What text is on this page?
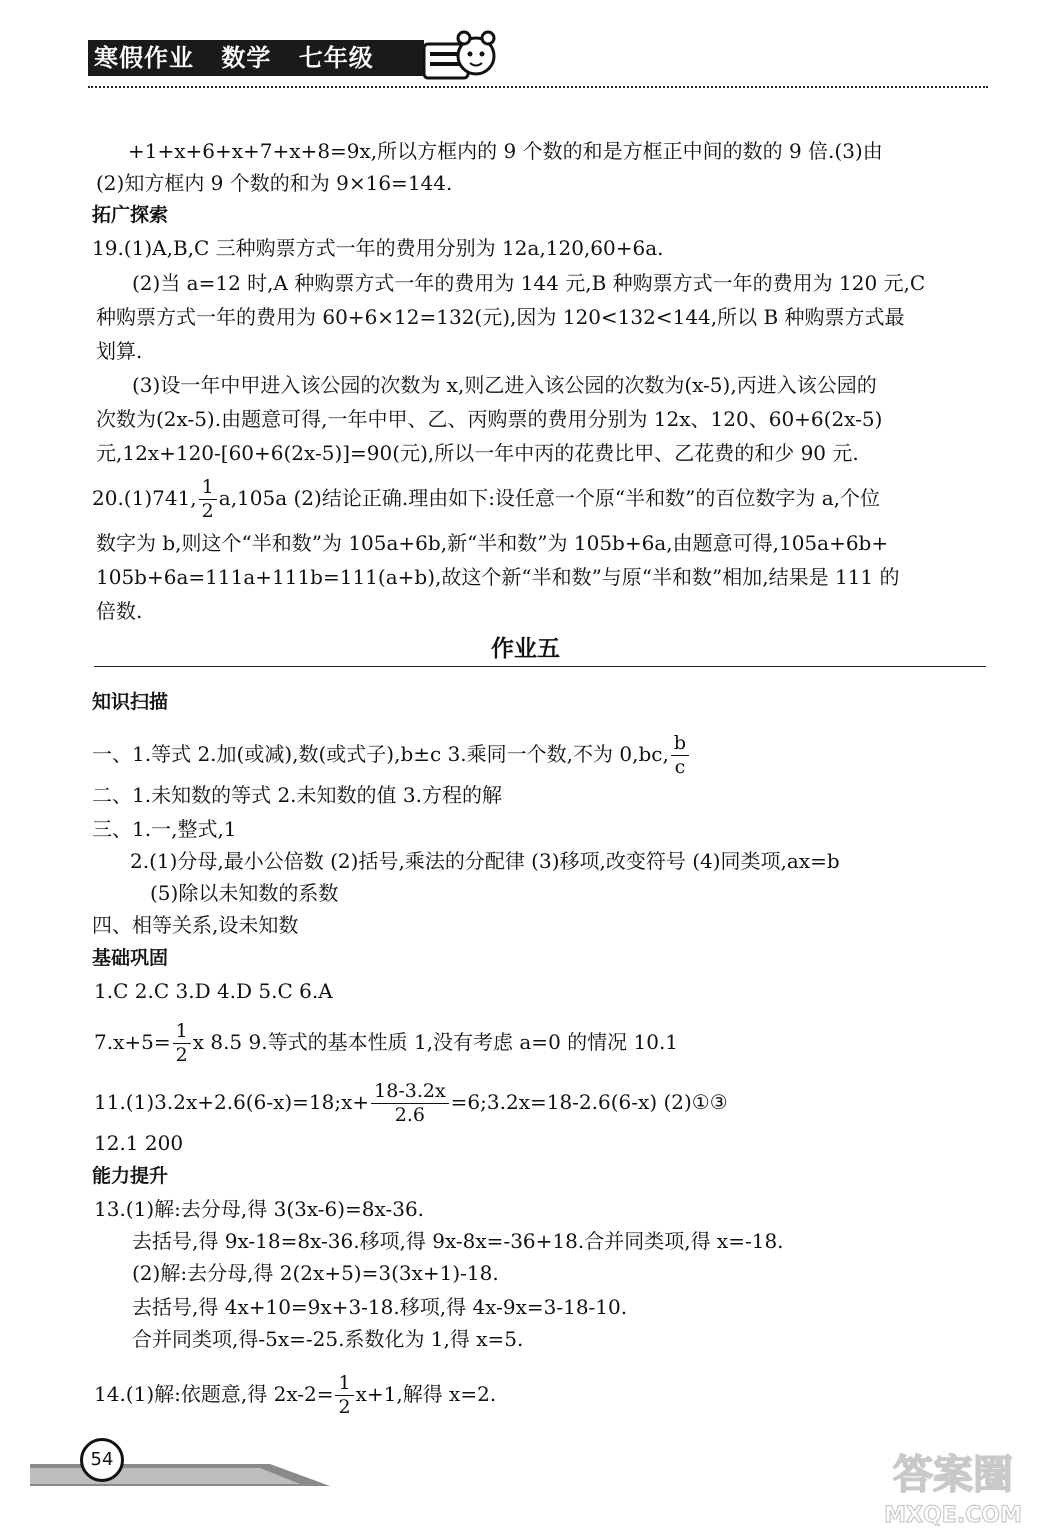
寒假作业 数学 七年级
+1+x+6+x+7+x+8=9x,所以方框内的 9 个数的和是方框正中间的数的 9 倍.(3)由
(2)知方框内 9 个数的和为 9×16=144.
拓广探索
19.(1)A,B,C 三种购票方式一年的费用分别为 12a,120,60+6a.
(2)当 a=12 时,A 种购票方式一年的费用为 144 元,B 种购票方式一年的费用为 120 元,C
种购票方式一年的费用为 60+6×12=132(元),因为 120<132<144,所以 B 种购票方式最
划算.
(3)设一年中甲进入该公园的次数为 x,则乙进入该公园的次数为(x-5),丙进入该公园的
次数为(2x-5).由题意可得,一年中甲、乙、丙购票的费用分别为 12x、120、60+6(2x-5)
元,12x+120-[60+6(2x-5)]=90(元),所以一年中丙的花费比甲、乙花费的和少 90 元.
20.(1)741, $\frac{1}{2} a,105a$ (2)结论正确.理由如下:设任意一个原“半和数”的百位数字为 a,个位
数字为 b,则这个“半和数”为 105a+6b,新“半和数”为 105b+6a,由题意可得,105a+6b+
105b+6a=111a+111b=111(a+b),故这个新“半和数”与原“半和数”相加,结果是 111 的
倍数.
作业五
知识扫描
一、1.等式 2.加(或减),数(或式子),b±c 3.乘同一个数,不为 0,bc, $\frac{b}{c}$
二、1.未知数的等式 2.未知数的值 3.方程的解
三、1.一,整式,1
2.(1)分母,最小公倍数 (2)括号,乘法的分配律 (3)移项,改变符号 (4)同类项,ax=b
(5)除以未知数的系数
四、相等关系,设未知数
基础巩固
1.C 2.C 3.D 4.D 5.C 6.A
$7.x+5= \frac{1}{2}$ x 8.5 9.等式的基本性质 1,没有考虑 a=0 的情况 10.1
11.(1)3.2x+2.6(6-x)=18;x+ $\frac{18-3.2x}{2.6}$ =6;3.2x=18-2.6(6-x) (2)①③
12.1 200
能力提升
13.(1)解:去分母,得 3(3x-6)=8x-36.
去括号,得 9x-18=8x-36.移项,得 9x-8x=-36+18.合并同类项,得 x=-18.
(2)解:去分母,得 2(2x+5)=3(3x+1)-18.
去括号,得 4x+10=9x+3-18.移项,得 4x-9x=3-18-10.
合并同类项,得-5x=-25.系数化为 1,得 x=5.
14.(1)解:依题意,得 $2x-2= \frac{1}{2} x+1$,解得 x=2.
54	答案圈
MXQE.COM
